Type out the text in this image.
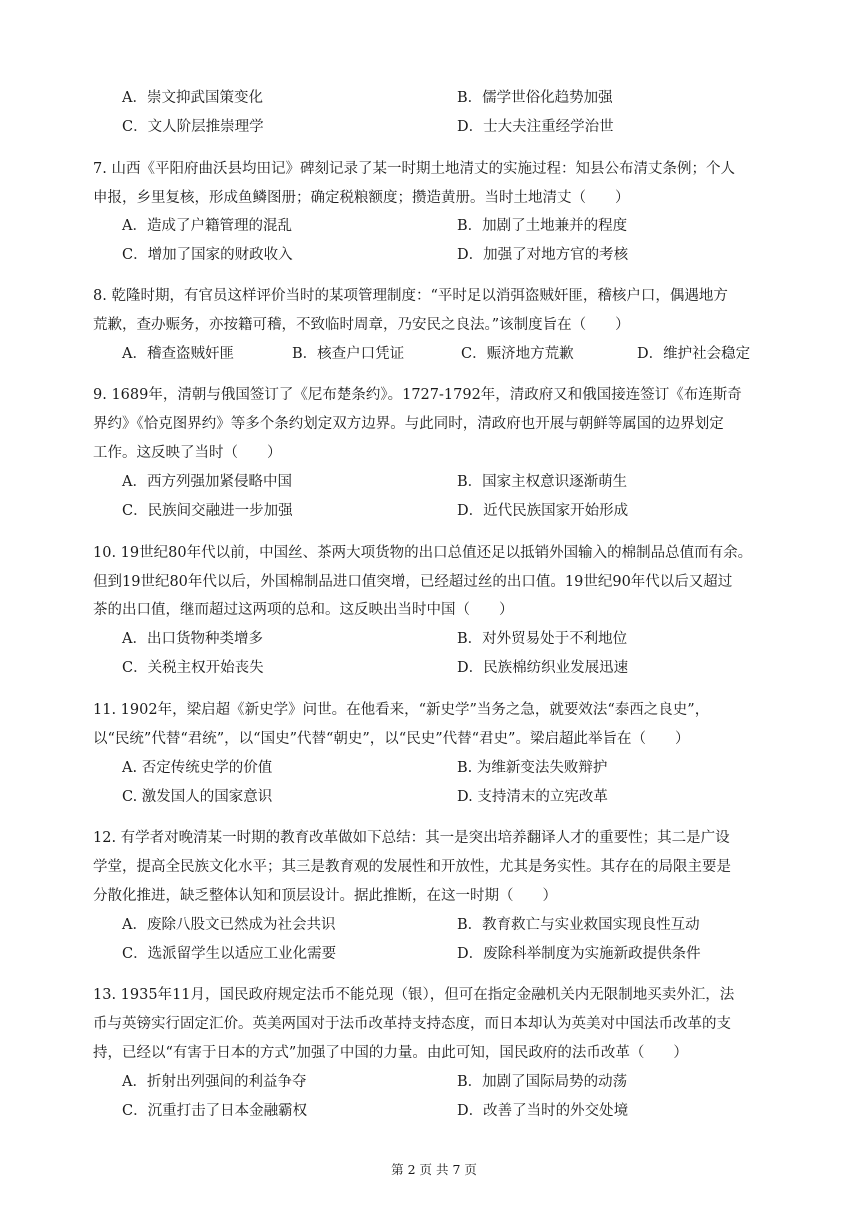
A．崇文抑武国策变化	B．儒学世俗化趋势加强
C．文人阶层推崇理学	D．士大夫注重经学治世
7. 山西《平阳府曲沃县均田记》碑刻记录了某一时期土地清丈的实施过程：知县公布清丈条例；个人
申报，乡里复核，形成鱼鳞图册；确定税粮额度；攒造黄册。当时土地清丈（　　）
A．造成了户籍管理的混乱	B．加剧了土地兼并的程度
C．增加了国家的财政收入	D．加强了对地方官的考核
8. 乾隆时期，有官员这样评价当时的某项管理制度：“平时足以消弭盗贼奸匪，稽核户口，偶遇地方
荒歉，查办赈务，亦按籍可稽，不致临时周章，乃安民之良法。”该制度旨在（　　）
A．稽查盗贼奸匪	B．核查户口凭证	C．赈济地方荒歉	D．维护社会稳定
9. 1689年，清朝与俄国签订了《尼布楚条约》。1727-1792年，清政府又和俄国接连签订《布连斯奇
界约》《恰克图界约》等多个条约划定双方边界。与此同时，清政府也开展与朝鲜等属国的边界划定
工作。这反映了当时（　　）
A．西方列强加紧侵略中国	B．国家主权意识逐渐萌生
C．民族间交融进一步加强	D．近代民族国家开始形成
10. 19世纪80年代以前，中国丝、茶两大项货物的出口总值还足以抵销外国输入的棉制品总值而有余。
但到19世纪80年代以后，外国棉制品进口值突增，已经超过丝的出口值。19世纪90年代以后又超过
茶的出口值，继而超过这两项的总和。这反映出当时中国（　　）
A．出口货物种类增多	B．对外贸易处于不利地位
C．关税主权开始丧失	D．民族棉纺织业发展迅速
11. 1902年，梁启超《新史学》问世。在他看来，“新史学”当务之急，就要效法“泰西之良史”，
以“民统”代替“君统”，以“国史”代替“朝史”，以“民史”代替“君史”。梁启超此举旨在（　　）
A. 否定传统史学的价值	B. 为维新变法失败辩护
C. 激发国人的国家意识	D. 支持清末的立宪改革
12. 有学者对晚清某一时期的教育改革做如下总结：其一是突出培养翻译人才的重要性；其二是广设
学堂，提高全民族文化水平；其三是教育观的发展性和开放性，尤其是务实性。其存在的局限主要是
分散化推进，缺乏整体认知和顶层设计。据此推断，在这一时期（　　）
A．废除八股文已然成为社会共识	B．教育救亡与实业救国实现良性互动
C．选派留学生以适应工业化需要	D．废除科举制度为实施新政提供条件
13. 1935年11月，国民政府规定法币不能兑现（银），但可在指定金融机关内无限制地买卖外汇，法
币与英镑实行固定汇价。英美两国对于法币改革持支持态度，而日本却认为英美对中国法币改革的支
持，已经以“有害于日本的方式”加强了中国的力量。由此可知，国民政府的法币改革（　　）
A．折射出列强间的利益争夺	B．加剧了国际局势的动荡
C．沉重打击了日本金融霸权	D．改善了当时的外交处境
第 2 页 共 7 页
